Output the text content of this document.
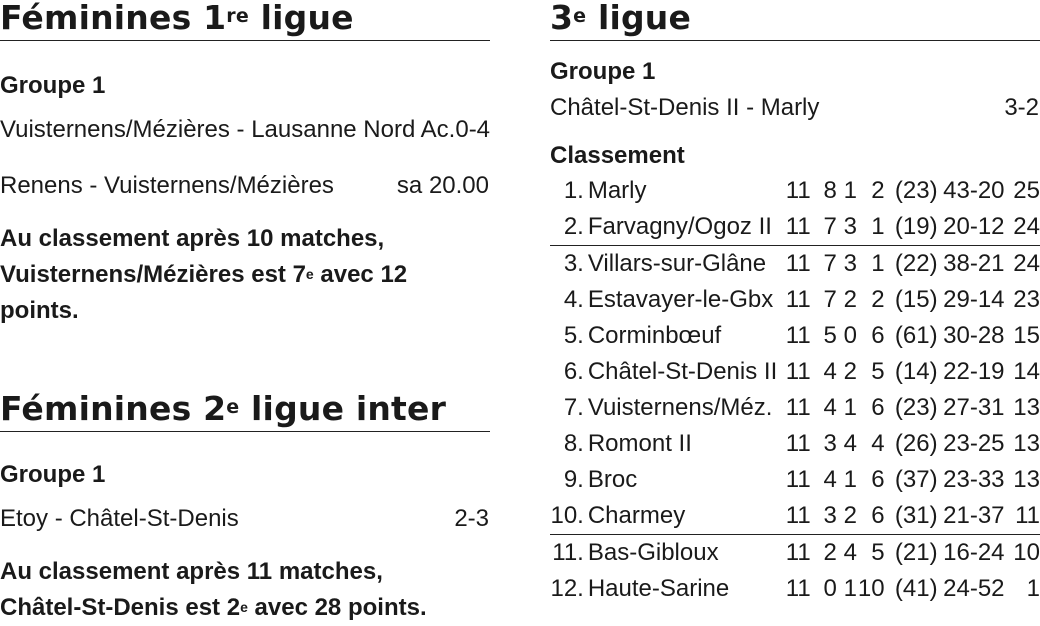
Féminines 1re ligue

Groupe 1

Vuisternens/Mézières - Lausanne Nord Ac. 0-4
Renens - Vuisternens/Mézières	sa 20.00

Au classement après 10 matches,
Vuisternens/Mézières est 7e avec 12 points.

Féminines 2e ligue inter

Groupe 1

Etoy - Châtel-St-Denis	2-3

Au classement après 11 matches,
Châtel-St-Denis est 2e avec 28 points.

3e ligue

Groupe 1

Châtel-St-Denis II - Marly	3-2

Classement

1.	Marly	11	8	1	2	(23)	43-20	25
2.	Farvagny/Ogoz II	11	7	3	1	(19)	20-12	24
3.	Villars-sur-Glâne	11	7	3	1	(22)	38-21	24
4.	Estavayer-le-Gbx	11	7	2	2	(15)	29-14	23
5.	Corminbœuf	11	5	0	6	(61)	30-28	15
6.	Châtel-St-Denis II	11	4	2	5	(14)	22-19	14
7.	Vuisternens/Méz.	11	4	1	6	(23)	27-31	13
8.	Romont II	11	3	4	4	(26)	23-25	13
9.	Broc	11	4	1	6	(37)	23-33	13
10.	Charmey	11	3	2	6	(31)	21-37	11
11.	Bas-Gibloux	11	2	4	5	(21)	16-24	10
12.	Haute-Sarine	11	0	1	10	(41)	24-52	1
